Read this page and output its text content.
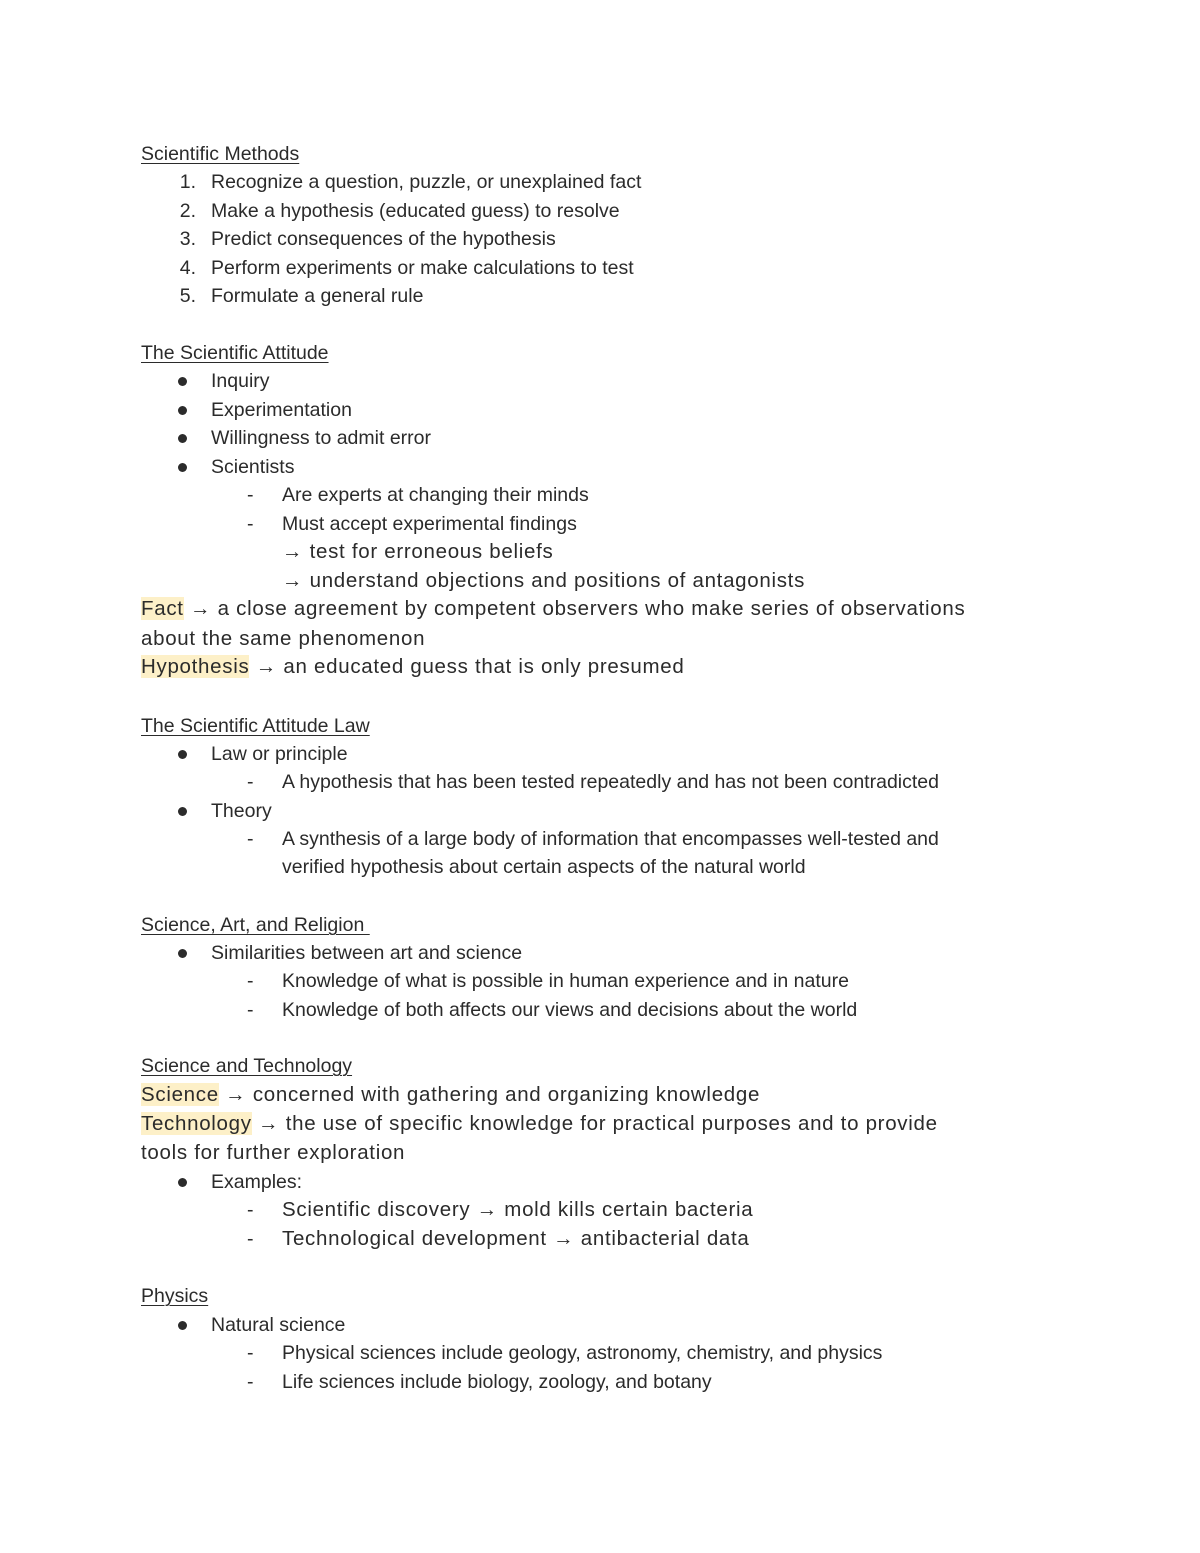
Scientific Methods
1. Recognize a question, puzzle, or unexplained fact
2. Make a hypothesis (educated guess) to resolve
3. Predict consequences of the hypothesis
4. Perform experiments or make calculations to test
5. Formulate a general rule
The Scientific Attitude
Inquiry
Experimentation
Willingness to admit error
Scientists
- Are experts at changing their minds
- Must accept experimental findings
→ test for erroneous beliefs
→ understand objections and positions of antagonists
Fact → a close agreement by competent observers who make series of observations
about the same phenomenon
Hypothesis → an educated guess that is only presumed
The Scientific Attitude Law
Law or principle
- A hypothesis that has been tested repeatedly and has not been contradicted
Theory
- A synthesis of a large body of information that encompasses well-tested and
verified hypothesis about certain aspects of the natural world
Science, Art, and Religion
Similarities between art and science
- Knowledge of what is possible in human experience and in nature
- Knowledge of both affects our views and decisions about the world
Science and Technology
Science → concerned with gathering and organizing knowledge
Technology → the use of specific knowledge for practical purposes and to provide
tools for further exploration
Examples:
- Scientific discovery → mold kills certain bacteria
- Technological development → antibacterial data
Physics
Natural science
- Physical sciences include geology, astronomy, chemistry, and physics
- Life sciences include biology, zoology, and botany
